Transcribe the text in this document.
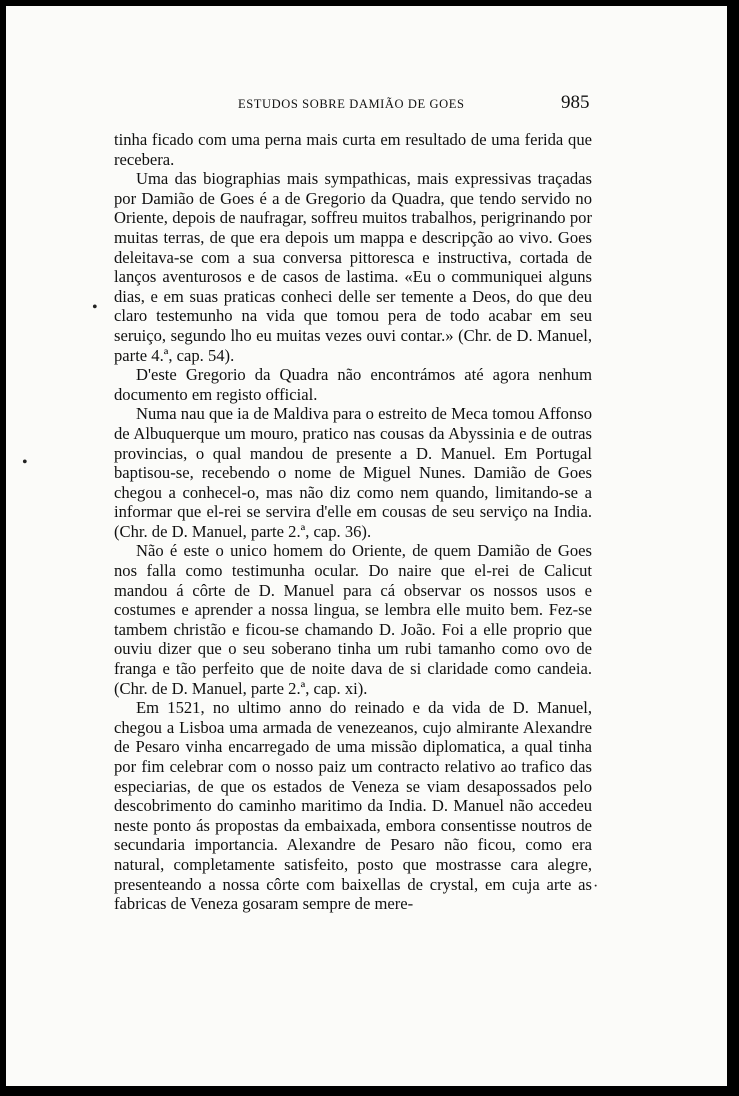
ESTUDOS SOBRE DAMIÃO DE GOES	985
•
•
·

tinha ficado com uma perna mais curta em resultado de uma ferida que recebera.

Uma das biographias mais sympathicas, mais expressivas traçadas por Damião de Goes é a de Gregorio da Quadra, que tendo servido no Oriente, depois de naufragar, soffreu muitos trabalhos, perigrinando por muitas terras, de que era depois um mappa e descripção ao vivo. Goes deleitava-se com a sua conversa pittoresca e instructiva, cortada de lanços aventurosos e de casos de lastima. «Eu o communiquei alguns dias, e em suas praticas conheci delle ser temente a Deos, do que deu claro testemunho na vida que tomou pera de todo acabar em seu seruiço, segundo lho eu muitas vezes ouvi contar.» (Chr. de D. Manuel, parte 4.ª, cap. 54).

D'este Gregorio da Quadra não encontrámos até agora nenhum documento em registo official.

Numa nau que ia de Maldiva para o estreito de Meca tomou Affonso de Albuquerque um mouro, pratico nas cousas da Abyssinia e de outras provincias, o qual mandou de presente a D. Manuel. Em Portugal baptisou-se, recebendo o nome de Miguel Nunes. Damião de Goes chegou a conhecel-o, mas não diz como nem quando, limitando-se a informar que el-rei se servira d'elle em cousas de seu serviço na India. (Chr. de D. Manuel, parte 2.ª, cap. 36).

Não é este o unico homem do Oriente, de quem Damião de Goes nos falla como testimunha ocular. Do naire que el-rei de Calicut mandou á côrte de D. Manuel para cá observar os nossos usos e costumes e aprender a nossa lingua, se lembra elle muito bem. Fez-se tambem christão e ficou-se chamando D. João. Foi a elle proprio que ouviu dizer que o seu soberano tinha um rubi tamanho como ovo de franga e tão perfeito que de noite dava de si claridade como candeia. (Chr. de D. Manuel, parte 2.ª, cap. xi).

Em 1521, no ultimo anno do reinado e da vida de D. Manuel, chegou a Lisboa uma armada de venezeanos, cujo almirante Alexandre de Pesaro vinha encarregado de uma missão diplomatica, a qual tinha por fim celebrar com o nosso paiz um contracto relativo ao trafico das especiarias, de que os estados de Veneza se viam desapossados pelo descobrimento do caminho maritimo da India. D. Manuel não accedeu neste ponto ás propostas da embaixada, embora consentisse noutros de secundaria importancia. Alexandre de Pesaro não ficou, como era natural, completamente satisfeito, posto que mostrasse cara alegre, presenteando a nossa côrte com baixellas de crystal, em cuja arte as fabricas de Veneza gosaram sempre de mere-
